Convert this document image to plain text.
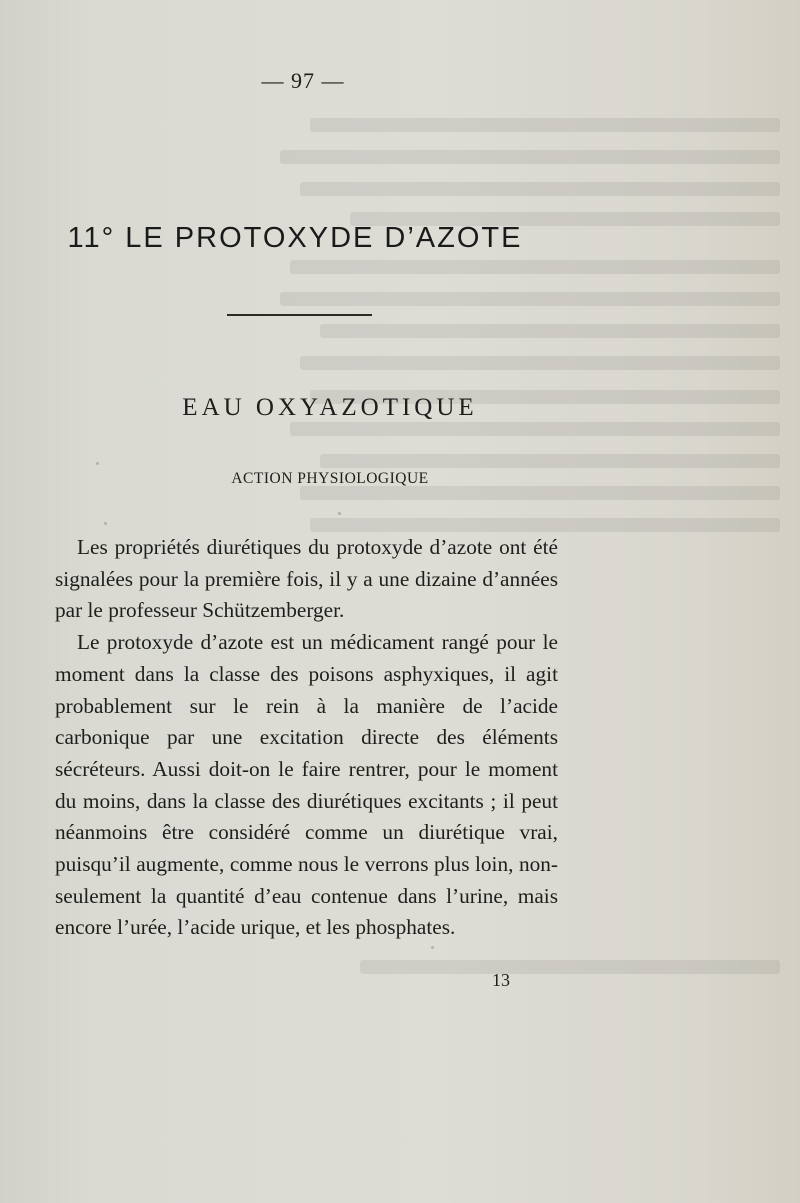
— 97 —
11° LE PROTOXYDE D’AZOTE
EAU OXYAZOTIQUE
ACTION PHYSIOLOGIQUE

Les propriétés diurétiques du protoxyde d’azote ont été signalées pour la première fois, il y a une dizaine d’années par le professeur Schützemberger.

Le protoxyde d’azote est un médicament rangé pour le moment dans la classe des poisons asphyxiques, il agit probablement sur le rein à la manière de l’acide carbonique par une excitation directe des éléments sécréteurs. Aussi doit-on le faire rentrer, pour le moment du moins, dans la classe des diurétiques excitants ; il peut néanmoins être considéré comme un diurétique vrai, puisqu’il augmente, comme nous le verrons plus loin, non-seulement la quantité d’eau contenue dans l’urine, mais encore l’urée, l’acide urique, et les phosphates.

13
